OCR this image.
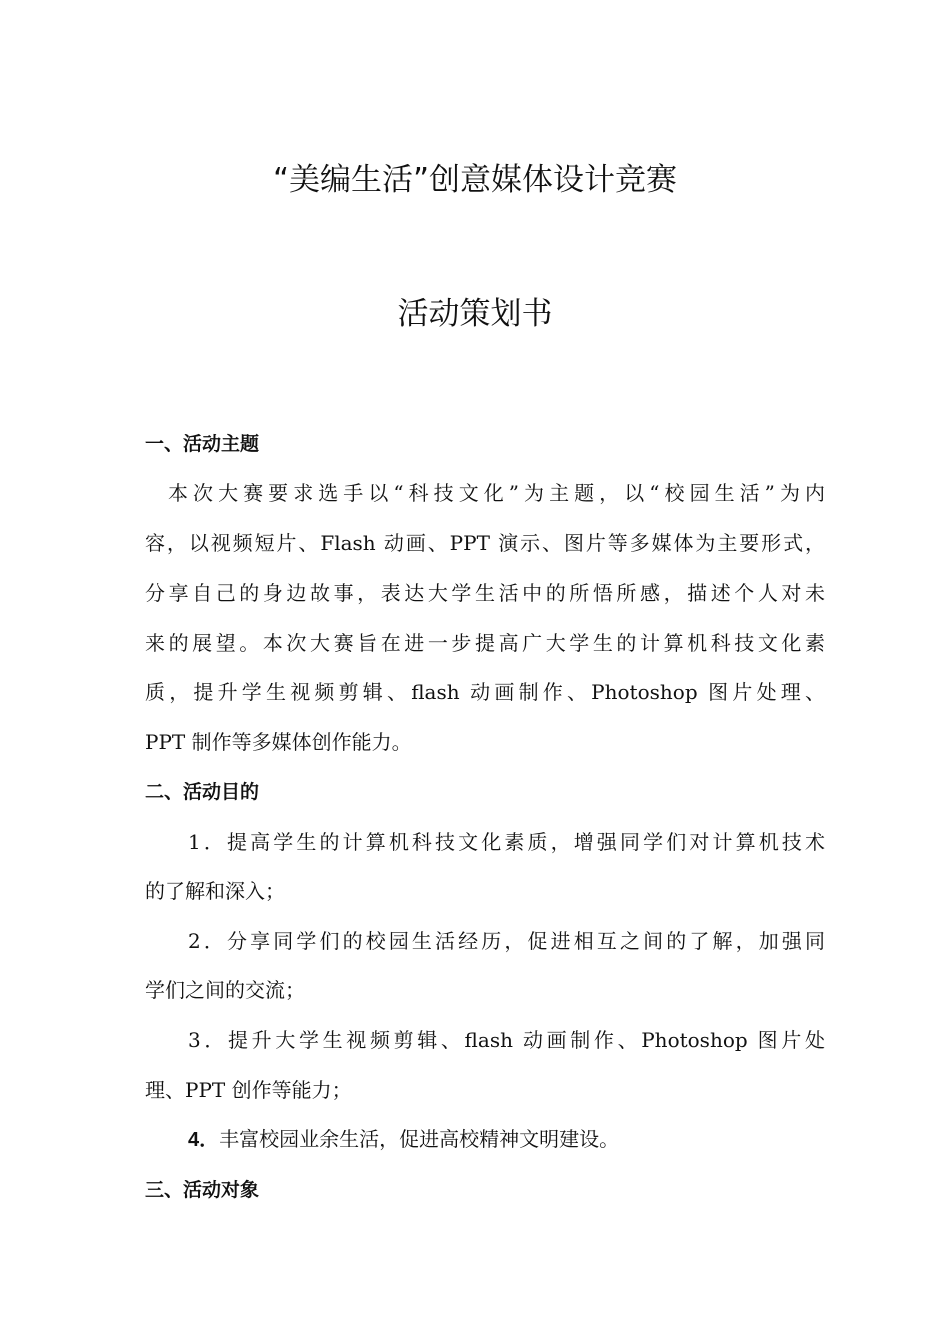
“美编生活”创意媒体设计竞赛
活动策划书
一、活动主题
本次大赛要求选手以“科技文化”为主题，以“校园生活”为内
容，以视频短片、Flash 动画、PPT 演示、图片等多媒体为主要形式，
分享自己的身边故事，表达大学生活中的所悟所感，描述个人对未
来的展望。本次大赛旨在进一步提高广大学生的计算机科技文化素
质，提升学生视频剪辑、flash 动画制作、Photoshop 图片处理、
PPT 制作等多媒体创作能力。
二、活动目的
1．提高学生的计算机科技文化素质，增强同学们对计算机技术
的了解和深入；
2．分享同学们的校园生活经历，促进相互之间的了解，加强同
学们之间的交流；
3．提升大学生视频剪辑、flash 动画制作、Photoshop 图片处
理、PPT 创作等能力；
4．丰富校园业余生活，促进高校精神文明建设。
三、活动对象
